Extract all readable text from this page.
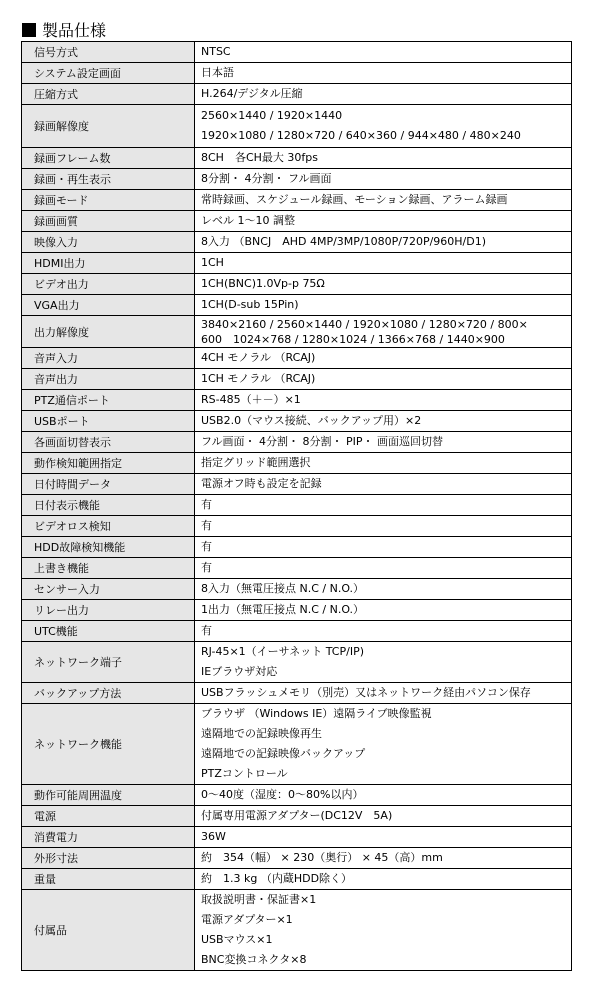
製品仕様
信号方式	NTSC

システム設定画面	日本語

圧縮方式	H.264/デジタル圧縮

録画解像度	2560×1440 / 1920×1440
1920×1080 / 1280×720 / 640×360 / 944×480 / 480×240

録画フレーム数	8CH　各CH最大 30fps

録画・再生表示	8分割・ 4分割・ フル画面

録画モード	常時録画、スケジュール録画、モーション録画、アラーム録画

録画画質	レベル 1～10 調整

映像入力	8入力 （BNCJ　AHD 4MP/3MP/1080P/720P/960H/D1)

HDMI出力	1CH

ビデオ出力	1CH(BNC)1.0Vp-p 75Ω

VGA出力	1CH(D-sub 15Pin)

出力解像度	3840×2160 / 2560×1440 / 1920×1080 / 1280×720 / 800×
600　1024×768 / 1280×1024 / 1366×768 / 1440×900

音声入力	4CH モノラル （RCAJ)

音声出力	1CH モノラル （RCAJ)

PTZ通信ポート	RS-485（＋－）×1

USBポート	USB2.0（マウス接続、バックアップ用）×2

各画面切替表示	フル画面・ 4分割・ 8分割・ PIP・ 画面巡回切替

動作検知範囲指定	指定グリッド範囲選択

日付時間データ	電源オフ時も設定を記録

日付表示機能	有

ビデオロス検知	有

HDD故障検知機能	有

上書き機能	有

センサー入力	8入力（無電圧接点 N.C / N.O.）

リレー出力	1出力（無電圧接点 N.C / N.O.）

UTC機能	有

ネットワーク端子	RJ-45×1（イーサネット TCP/IP)
IEブラウザ対応

バックアップ方法	USBフラッシュメモリ（別売）又はネットワーク経由パソコン保存

ネットワーク機能	ブラウザ （Windows IE）遠隔ライブ映像監視
遠隔地での記録映像再生
遠隔地での記録映像バックアップ
PTZコントロール

動作可能周囲温度	0～40度（湿度：0～80%以内）

電源	付属専用電源アダプター(DC12V　5A)

消費電力	36W

外形寸法	約　354（幅） × 230（奥行） × 45（高）mm

重量	約　1.3 kg （内蔵HDD除く）

付属品	取扱説明書・保証書×1
電源アダプター×1
USBマウス×1
BNC変換コネクタ×8
